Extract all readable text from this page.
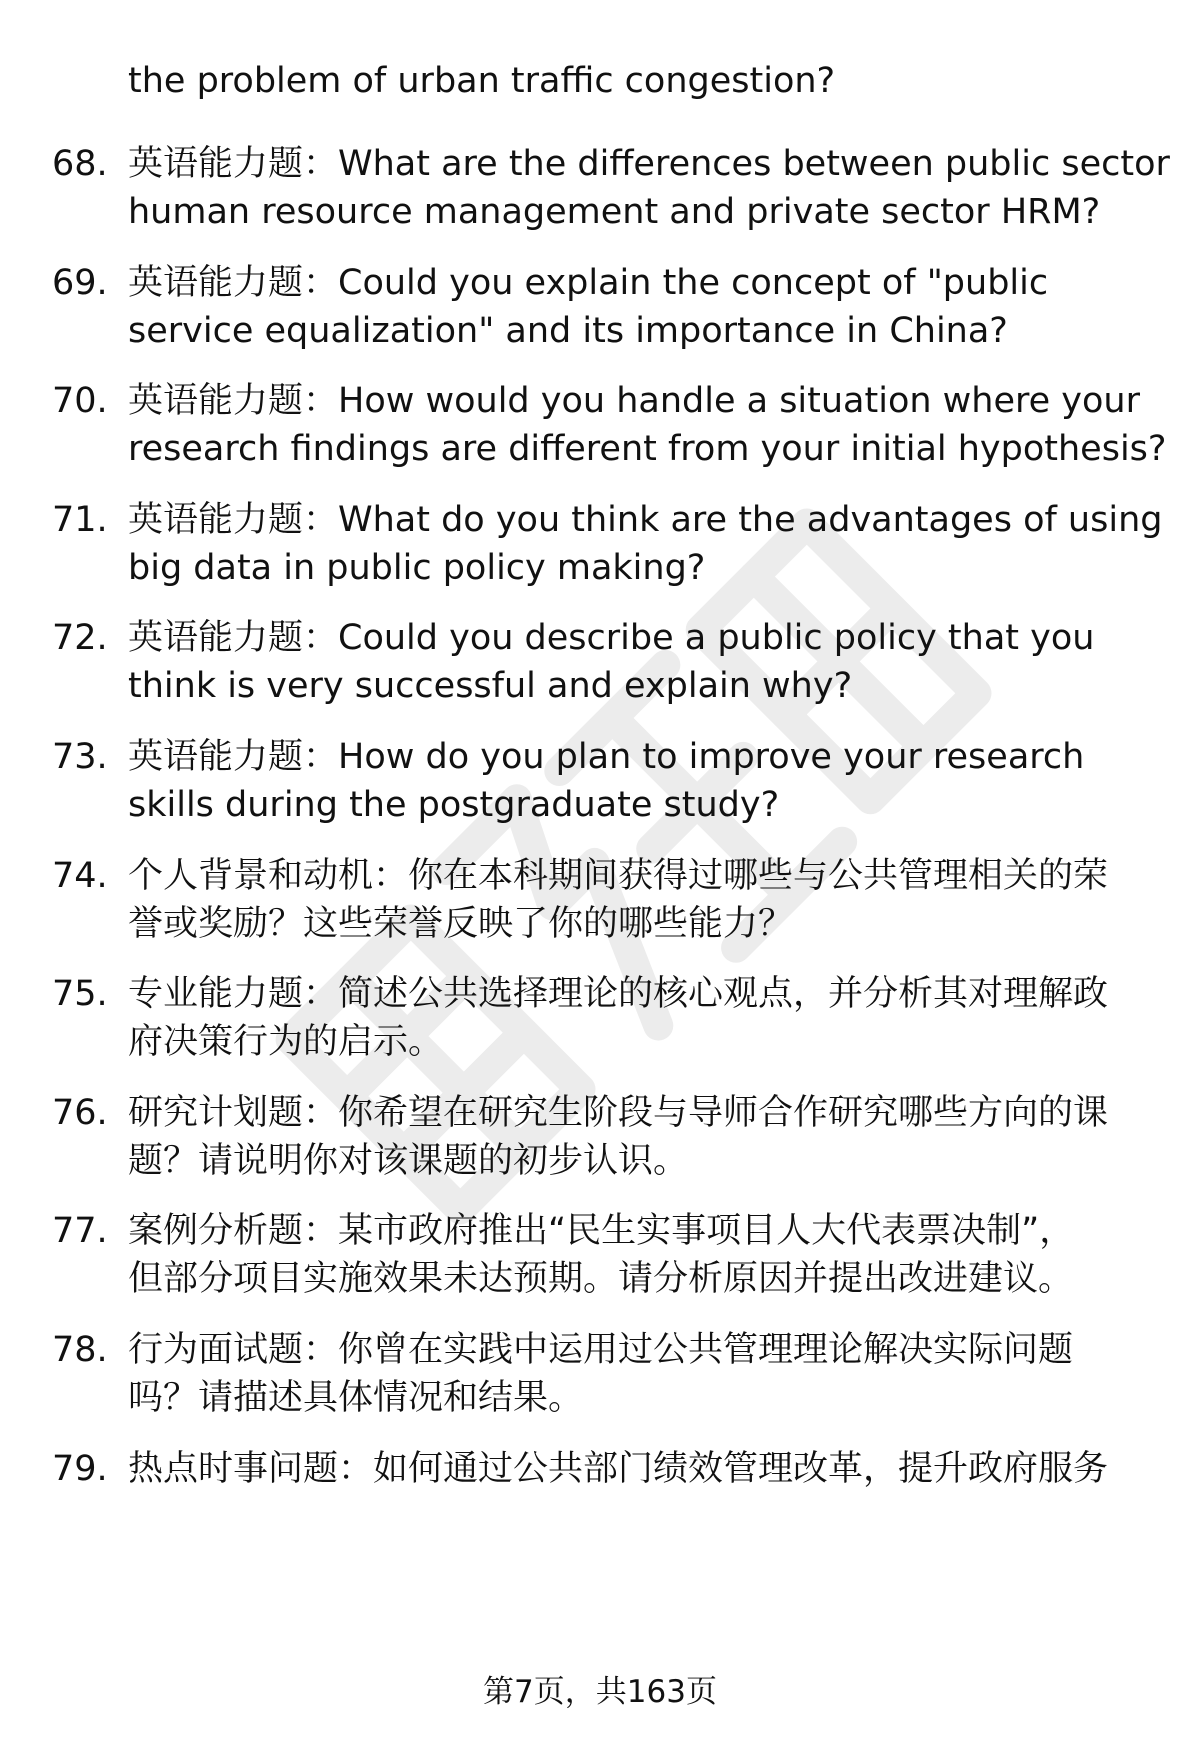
the problem of urban traffic congestion?
68. 英语能力题：What are the differences between public sector
human resource management and private sector HRM?
69. 英语能力题：Could you explain the concept of "public
service equalization" and its importance in China?
70. 英语能力题：How would you handle a situation where your
research findings are different from your initial hypothesis?
71. 英语能力题：What do you think are the advantages of using
big data in public policy making?
72. 英语能力题：Could you describe a public policy that you
think is very successful and explain why?
73. 英语能力题：How do you plan to improve your research
skills during the postgraduate study?
74. 个人背景和动机：你在本科期间获得过哪些与公共管理相关的荣
誉或奖励？这些荣誉反映了你的哪些能力？
75. 专业能力题：简述公共选择理论的核心观点，并分析其对理解政
府决策行为的启示。
76. 研究计划题：你希望在研究生阶段与导师合作研究哪些方向的课
题？请说明你对该课题的初步认识。
77. 案例分析题：某市政府推出“民生实事项目人大代表票决制”，
但部分项目实施效果未达预期。请分析原因并提出改进建议。
78. 行为面试题：你曾在实践中运用过公共管理理论解决实际问题
吗？请描述具体情况和结果。
79. 热点时事问题：如何通过公共部门绩效管理改革，提升政府服务
第7页，共163页
